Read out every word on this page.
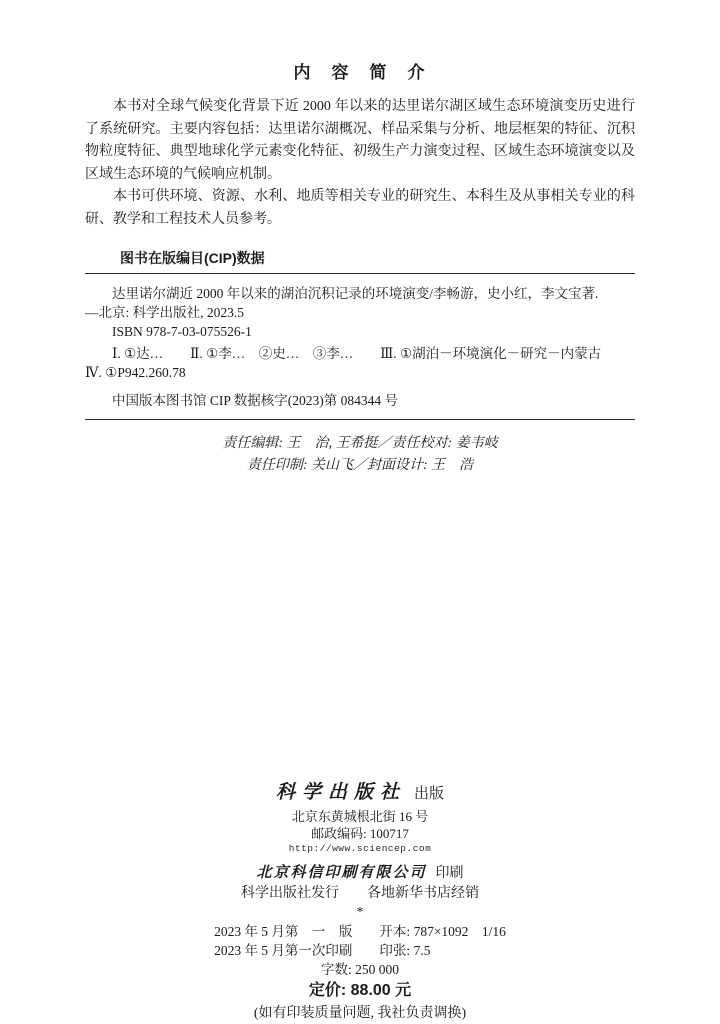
内　容　简　介

本书对全球气候变化背景下近 2000 年以来的达里诺尔湖区域生态环境演变历史进行了系统研究。主要内容包括：达里诺尔湖概况、样品采集与分析、地层框架的特征、沉积物粒度特征、典型地球化学元素变化特征、初级生产力演变过程、区域生态环境演变以及区域生态环境的气候响应机制。

本书可供环境、资源、水利、地质等相关专业的研究生、本科生及从事相关专业的科研、教学和工程技术人员参考。

图书在版编目(CIP)数据

达里诺尔湖近 2000 年以来的湖泊沉积记录的环境演变/李畅游，史小红，李文宝著.

—北京: 科学出版社, 2023.5

ISBN 978-7-03-075526-1

Ⅰ. ①达…　　Ⅱ. ①李…　②史…　③李…　　Ⅲ. ①湖泊－环境演化－研究－内蒙古

Ⅳ. ①P942.260.78

中国版本图书馆 CIP 数据核字(2023)第 084344 号

责任编辑: 王　治, 王希挺／责任校对: 姜韦岐
责任印制: 关山飞／封面设计: 王　浩
科学出版社 出版
北京东黄城根北街 16 号
邮政编码: 100717
http://www.sciencep.com
北京科信印刷有限公司 印刷
科学出版社发行　　各地新华书店经销
*

2023 年 5 月第　一　版　　开本: 787×1092　1/16

2023 年 5 月第一次印刷　　印张: 7.5

字数: 250 000
定价: 88.00 元
(如有印装质量问题, 我社负责调换)
